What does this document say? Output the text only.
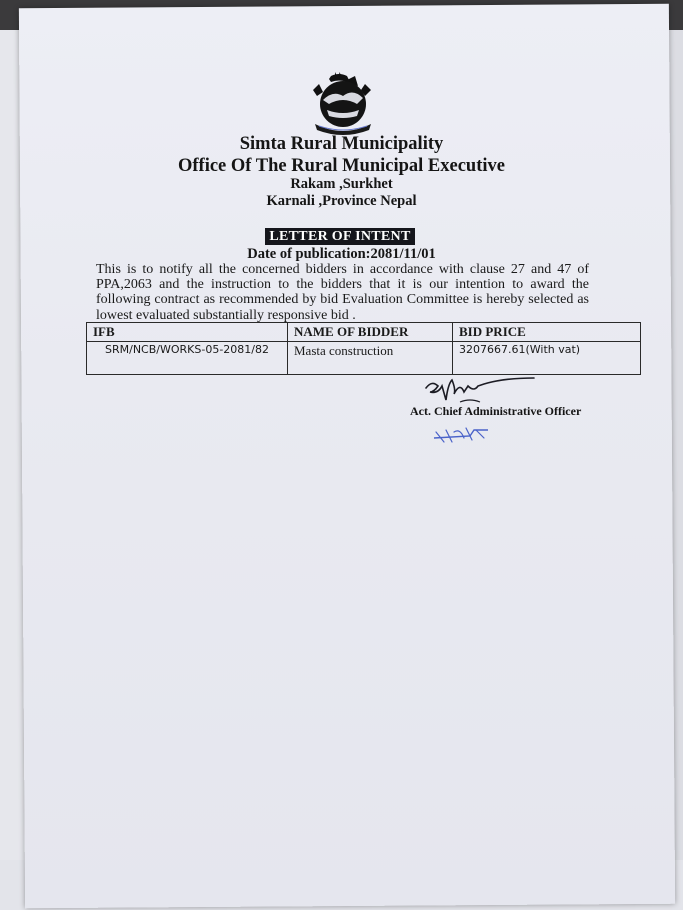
Simta Rural Municipality

Office Of The Rural Municipal Executive

Rakam ,Surkhet

Karnali ,Province Nepal

LETTER OF INTENT
Date of publication:2081/11/01

This is to notify all the concerned bidders in accordance with clause 27 and 47 of PPA,2063 and the instruction to the bidders that it is our intention to award the following contract as recommended by bid Evaluation Committee is hereby selected as lowest evaluated substantially responsive bid .

IFB	NAME OF BIDDER	BID PRICE
SRM/NCB/WORKS-05-2081/82	Masta construction	3207667.61(With vat)
Act. Chief Administrative Officer
